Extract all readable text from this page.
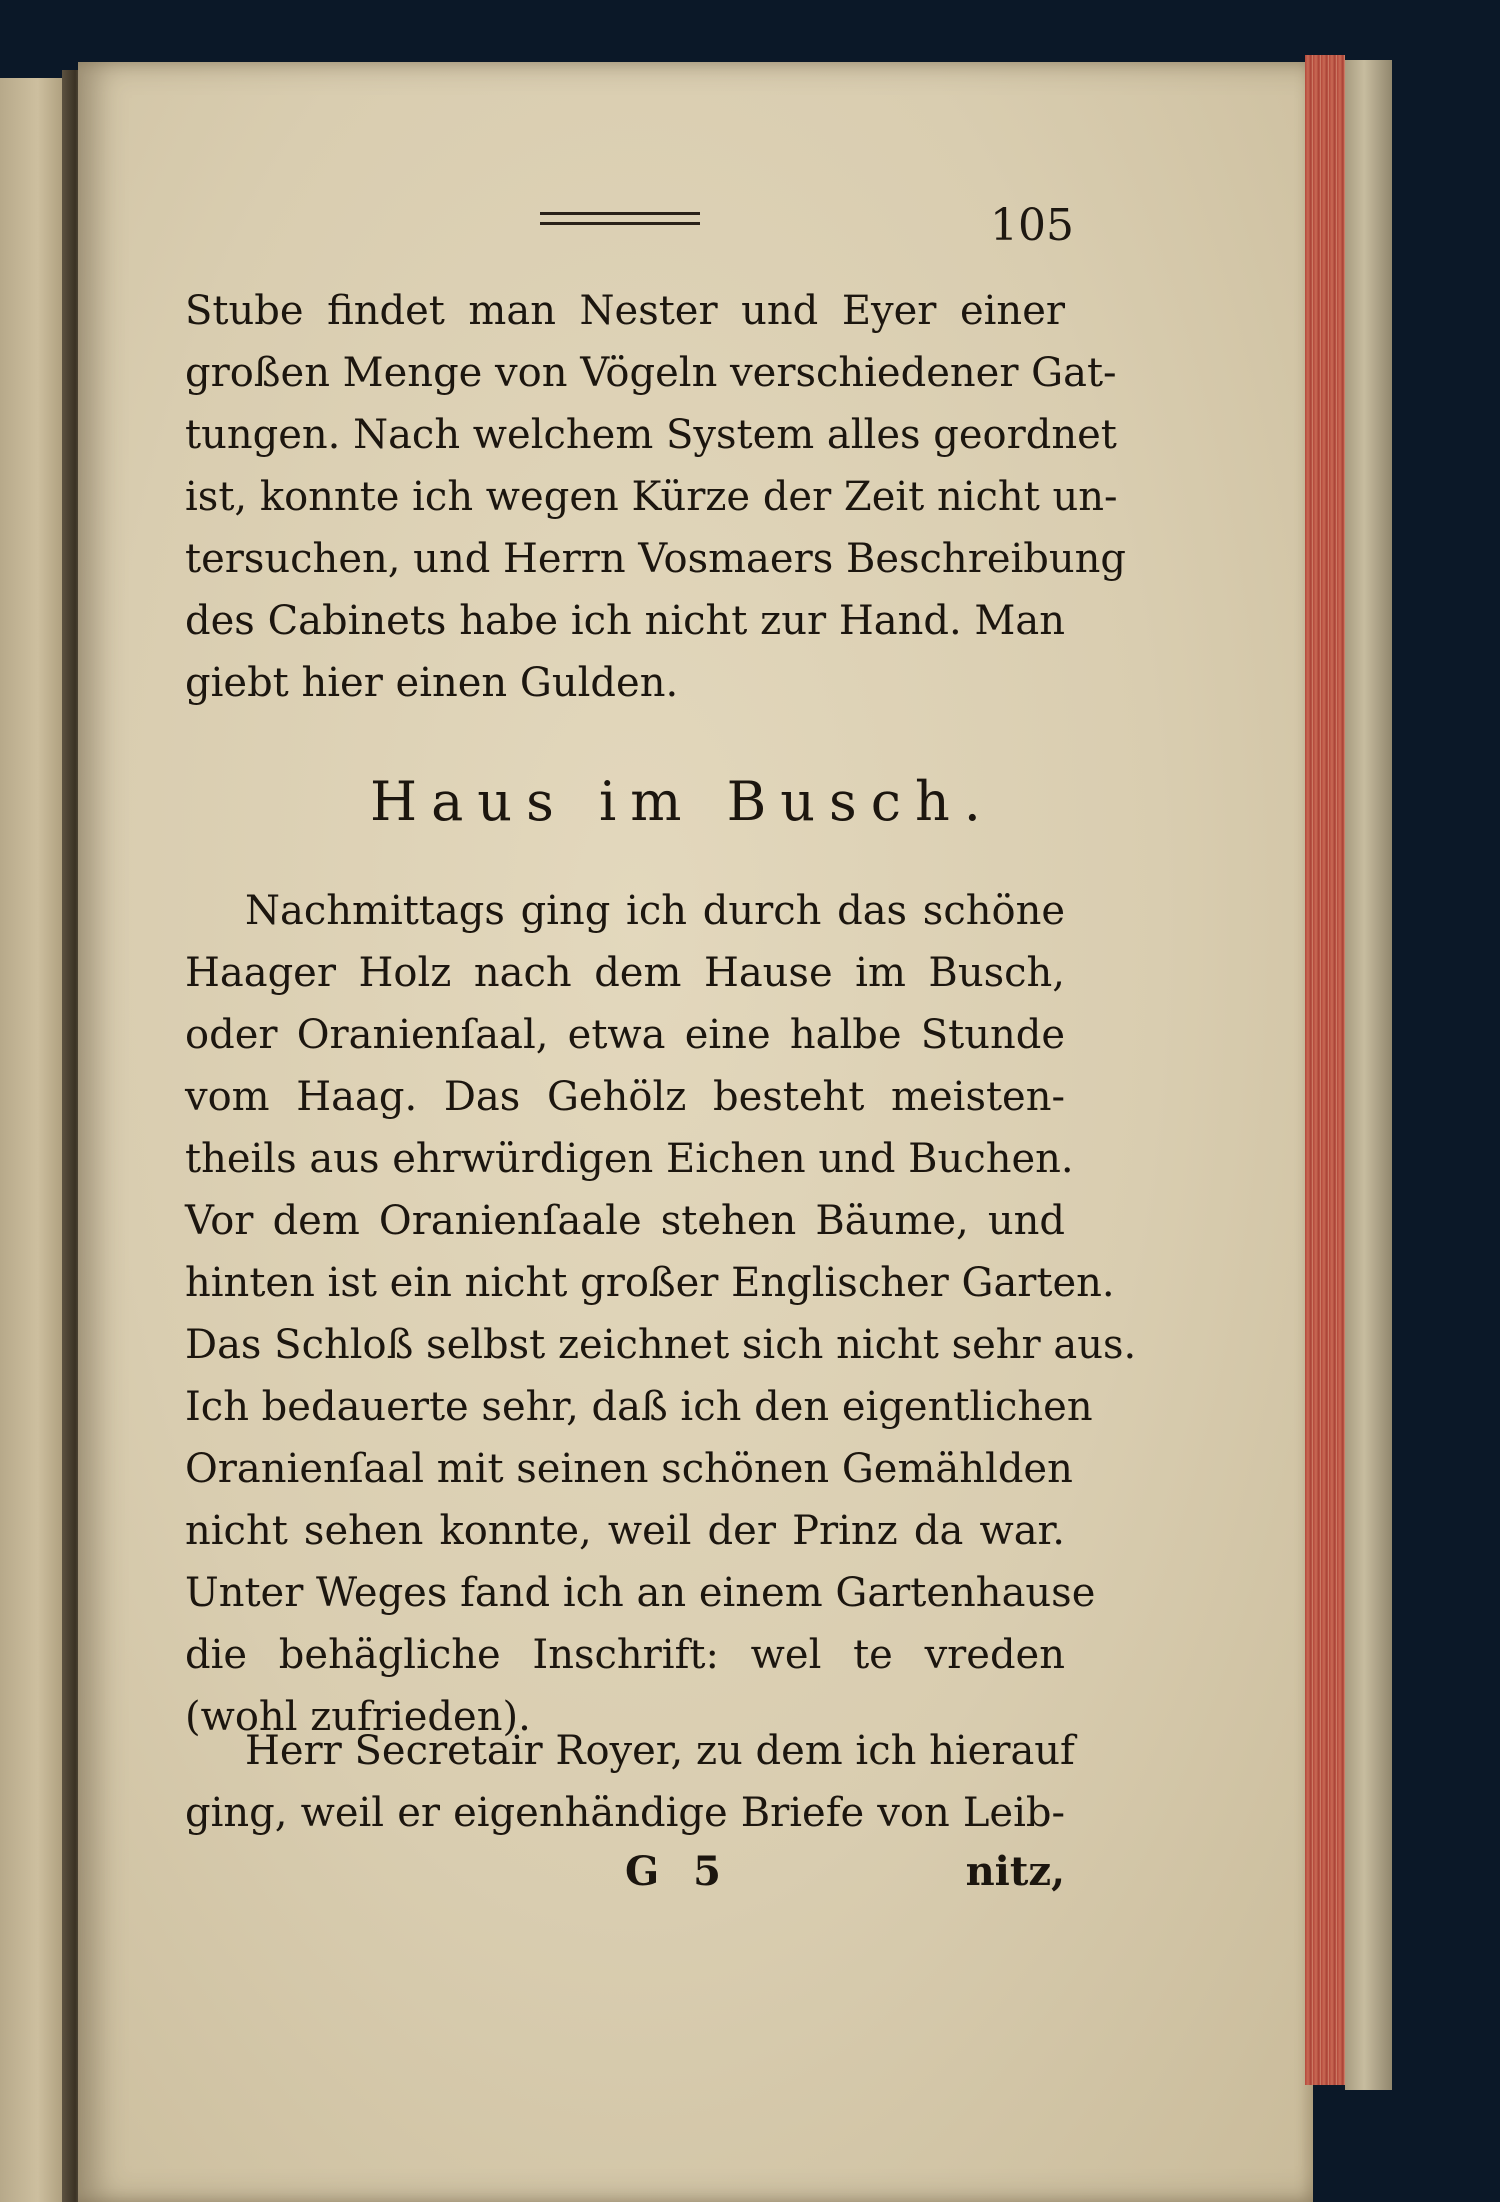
105
Stube findet man Nester und Eyer einer
großen Menge von Vögeln verschiedener Gat-
tungen. Nach welchem System alles geordnet
ist, konnte ich wegen Kürze der Zeit nicht un-
tersuchen, und Herrn Vosmaers Beschreibung
des Cabinets habe ich nicht zur Hand. Man
giebt hier einen Gulden.
Haus im Busch.
Nachmittags ging ich durch das schöne
Haager Holz nach dem Hause im Busch,
oder Oranienſaal, etwa eine halbe Stunde
vom Haag. Das Gehölz besteht meisten-
theils aus ehrwürdigen Eichen und Buchen.
Vor dem Oranienſaale stehen Bäume, und
hinten ist ein nicht großer Englischer Garten.
Das Schloß selbst zeichnet sich nicht sehr aus.
Ich bedauerte sehr, daß ich den eigentlichen
Oranienſaal mit seinen schönen Gemählden
nicht sehen konnte, weil der Prinz da war.
Unter Weges fand ich an einem Gartenhause
die behägliche Inschrift: wel te vreden
(wohl zufrieden).
Herr Secretair Royer, zu dem ich hierauf
ging, weil er eigenhändige Briefe von Leib-
G 5	nitz,
